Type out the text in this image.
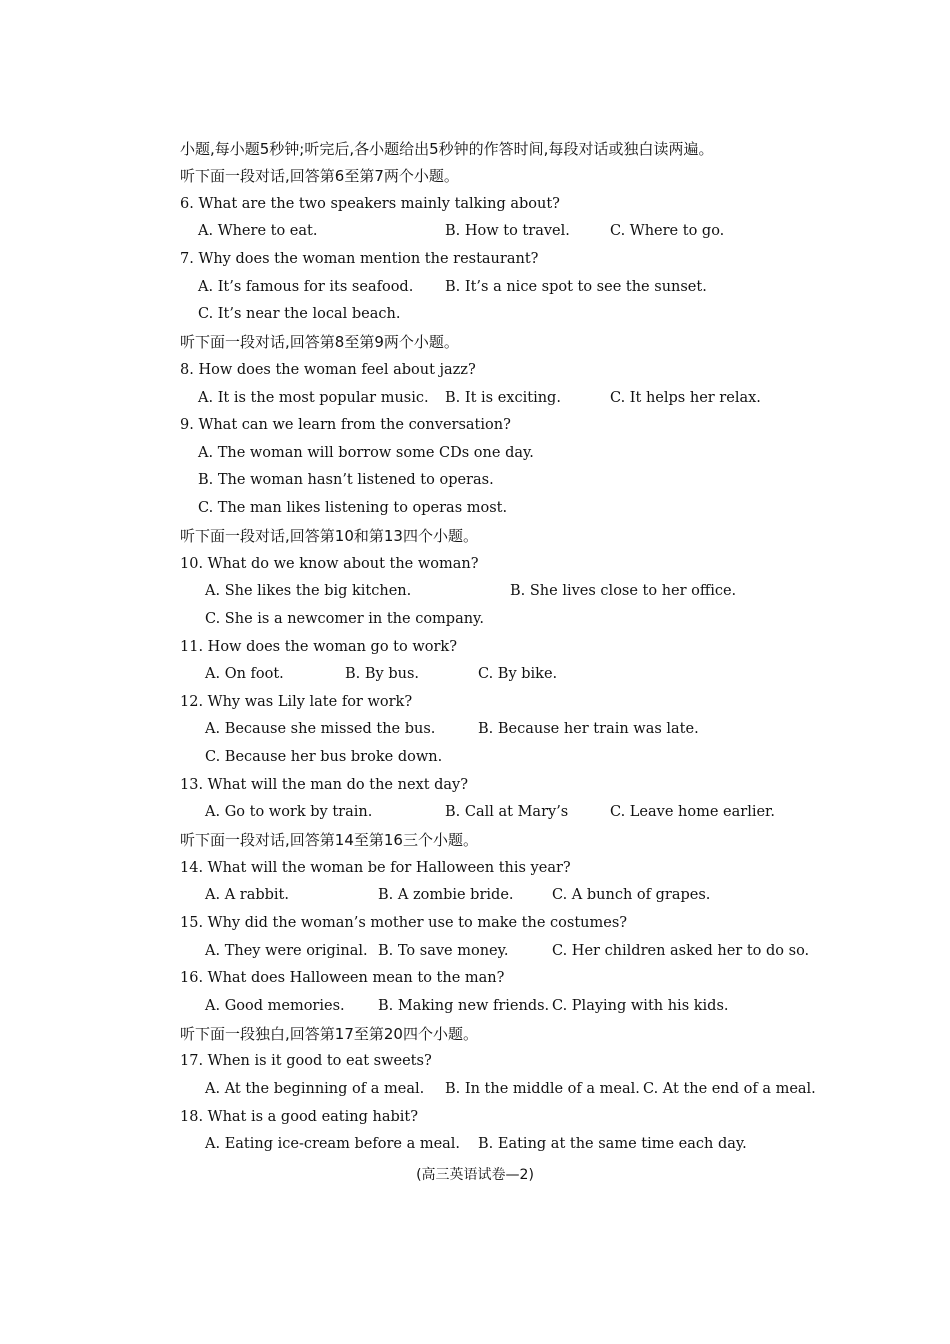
小题,每小题5秒钟;听完后,各小题给出5秒钟的作答时间,每段对话或独白读两遍。
听下面一段对话,回答第6至第7两个小题。
6. What are the two speakers mainly talking about?
A. Where to eat.	B. How to travel.	C. Where to go.
7. Why does the woman mention the restaurant?
A. It’s famous for its seafood. B. It’s a nice spot to see the sunset.
C. It’s near the local beach.
听下面一段对话,回答第8至第9两个小题。
8. How does the woman feel about jazz?
A. It is the most popular music. B. It is exciting.	C. It helps her relax.
9. What can we learn from the conversation?
A. The woman will borrow some CDs one day.
B. The woman hasn’t listened to operas.
C. The man likes listening to operas most.
听下面一段对话,回答第10和第13四个小题。
10. What do we know about the woman?
A. She likes the big kitchen.	B. She lives close to her office.
C. She is a newcomer in the company.
11. How does the woman go to work?
A. On foot.	B. By bus.	C. By bike.
12. Why was Lily late for work?
A. Because she missed the bus.	B. Because her train was late.
C. Because her bus broke down.
13. What will the man do the next day?
A. Go to work by train.	B. Call at Mary’s	C. Leave home earlier.
听下面一段对话,回答第14至第16三个小题。
14. What will the woman be for Halloween this year?
A. A rabbit.	B. A zombie bride.	C. A bunch of grapes.
15. Why did the woman’s mother use to make the costumes?
A. They were original. B. To save money.	C. Her children asked her to do so.
16. What does Halloween mean to the man?
A. Good memories. B. Making new friends. C. Playing with his kids.
听下面一段独白,回答第17至第20四个小题。
17. When is it good to eat sweets?
A. At the beginning of a meal. B. In the middle of a meal. C. At the end of a meal.
18. What is a good eating habit?
A. Eating ice-cream before a meal. B. Eating at the same time each day.
(高三英语试卷—2)
